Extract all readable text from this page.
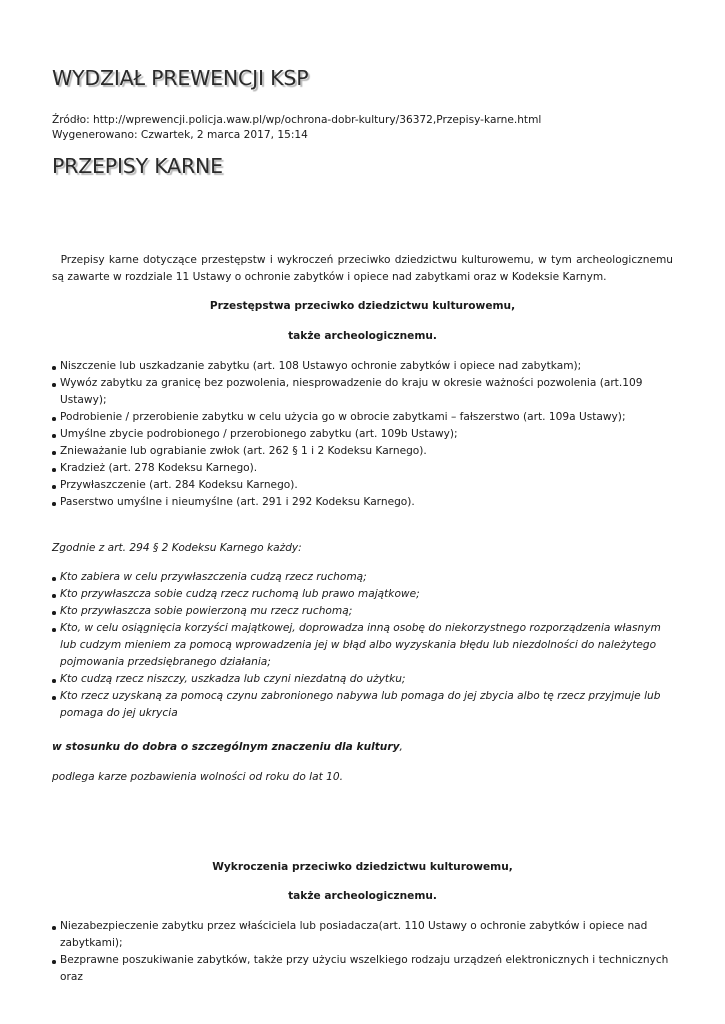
WYDZIAŁ PREWENCJI KSP
Źródło: http://wprewencji.policja.waw.pl/wp/ochrona-dobr-kultury/36372,Przepisy-karne.html
Wygenerowano: Czwartek, 2 marca 2017, 15:14
PRZEPISY KARNE

Przepisy karne dotyczące przestępstw i wykroczeń przeciwko dziedzictwu kulturowemu, w tym archeologicznemu są zawarte w rozdziale 11 Ustawy o ochronie zabytków i opiece nad zabytkami oraz w Kodeksie Karnym.

Przestępstwa przeciwko dziedzictwu kulturowemu,

także archeologicznemu.

Niszczenie lub uszkadzanie zabytku (art. 108 Ustawyo ochronie zabytków i opiece nad zabytkam);
Wywóz zabytku za granicę bez pozwolenia, niesprowadzenie do kraju w okresie ważności pozwolenia (art.109 Ustawy);
Podrobienie / przerobienie zabytku w celu użycia go w obrocie zabytkami – fałszerstwo (art. 109a Ustawy);
Umyślne zbycie podrobionego / przerobionego zabytku (art. 109b Ustawy);
Znieważanie lub ograbianie zwłok (art. 262 § 1 i 2 Kodeksu Karnego).
Kradzież (art. 278 Kodeksu Karnego).
Przywłaszczenie (art. 284 Kodeksu Karnego).
Paserstwo umyślne i nieumyślne (art. 291 i 292 Kodeksu Karnego).

Zgodnie z art. 294 § 2 Kodeksu Karnego każdy:

Kto zabiera w celu przywłaszczenia cudzą rzecz ruchomą;
Kto przywłaszcza sobie cudzą rzecz ruchomą lub prawo majątkowe;
Kto przywłaszcza sobie powierzoną mu rzecz ruchomą;
Kto, w celu osiągnięcia korzyści majątkowej, doprowadza inną osobę do niekorzystnego rozporządzenia własnym lub cudzym mieniem za pomocą wprowadzenia jej w błąd albo wyzyskania błędu lub niezdolności do należytego pojmowania przedsiębranego działania;
Kto cudzą rzecz niszczy, uszkadza lub czyni niezdatną do użytku;
Kto rzecz uzyskaną za pomocą czynu zabronionego nabywa lub pomaga do jej zbycia albo tę rzecz przyjmuje lub pomaga do jej ukrycia

w stosunku do dobra o szczególnym znaczeniu dla kultury,

podlega karze pozbawienia wolności od roku do lat 10.

Wykroczenia przeciwko dziedzictwu kulturowemu,

także archeologicznemu.

Niezabezpieczenie zabytku przez właściciela lub posiadacza(art. 110 Ustawy o ochronie zabytków i opiece nad zabytkami);
Bezprawne poszukiwanie zabytków, także przy użyciu wszelkiego rodzaju urządzeń elektronicznych i technicznych oraz
